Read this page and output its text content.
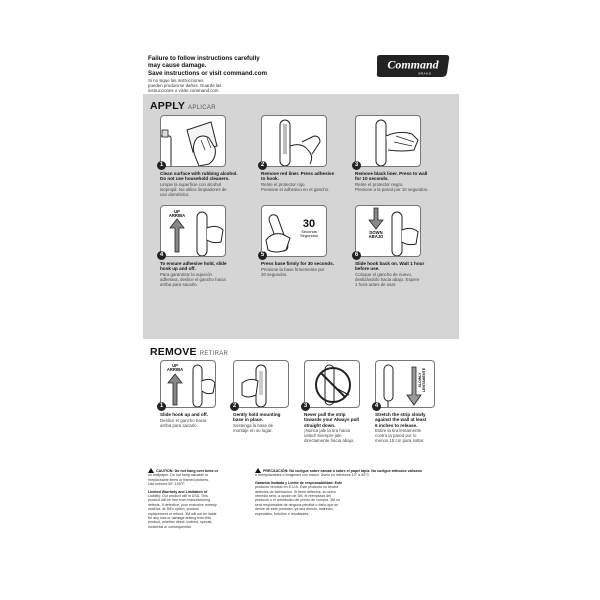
Failure to follow instructions carefully
may cause damage.
Save instructions or visit command.com
Si no sigue las instrucciones
pueden producirse daños. Guarde las
instrucciones o visite command.com
Command
BRAND
APPLY APLICAR
1
Clean surface with rubbing alcohol.
Do not use household cleaners.
Limpie la superficie con alcohol
isopropil. No utilice limpiadores de
uso doméstico.
2
Remove red liner. Press adhesive
to hook.
Retire el protector rojo.
Presione el adhesivo en el gancho.
3
Remove black liner. Press to wall
for 10 seconds.
Retire el protector negro.
Presione a la pared por 10 segundos.
UP
ARRIBA
4
To ensure adhesive hold, slide
hook up and off.
Para garantizar la sujeción
adhesiva, deslice el gancho hacia
arriba para sacarlo.
30
Seconds
Segundos
5
Press base firmly for 30 seconds.
Presione la base firmemente por
30 segundos.
DOWN
ABAJO
6
Slide hook back on. Wait 1 hour
before use.
Coloque el gancho de nuevo,
deslizándolo hacia abajo. Espere
1 hora antes de usar.
REMOVE RETIRAR
UP
ARRIBA
1
Slide hook up and off.
Deslice el gancho hacia
arriba para sacarlo.
2
Gently hold mounting
base in place.
Sostenga la base de
montaje en su lugar.
3
Never pull the strip
towards you! Always pull
straight down.
¡Nunca jale la tira hacia
usted! Siempre jale
directamente hacia abajo.
SLOWLY LENTAMENTE
4
Stretch the strip slowly
against the wall at least
6 inches to release.
Estire la tira lentamente
contra la pared por lo
menos 15 cm para soltar.
CAUTION: Do not hang over beds or
on wallpaper. Do not hang valuable or
irreplaceable items or framed pictures.
Use indoors 50°-105°F.
Limited Warranty and Limitation of
Liability: Our product will in USA. This
product will be free from manufacturing
defects. If defective, your exclusive remedy
shall be, at 3M's option, product
replacement or refund. 3M will not be liable
for any loss or damage arising from this
product, whether direct, indirect, special,
incidental or consequential.
PRECAUCIÓN: No cuelgue sobre camas o sobre el papel tapiz. No cuelgue artículos valiosos
o irremplazables o imágenes con marco. Úselo en interiores 10° a 40°C.
Garantía limitada y Límite de responsabilidad: Este
producto vendido en E.U.A. Este producto no tendrá
defectos de fabricación. Si tiene defectos, su único
remedio será, a opción de 3M, el reemplazo del
producto o el reembolso del precio de compra. 3M no
será responsable de ninguna pérdida o daño que se
derive de este producto, ya sea directo, indirecto,
especiales, fortuitos o resultantes.
